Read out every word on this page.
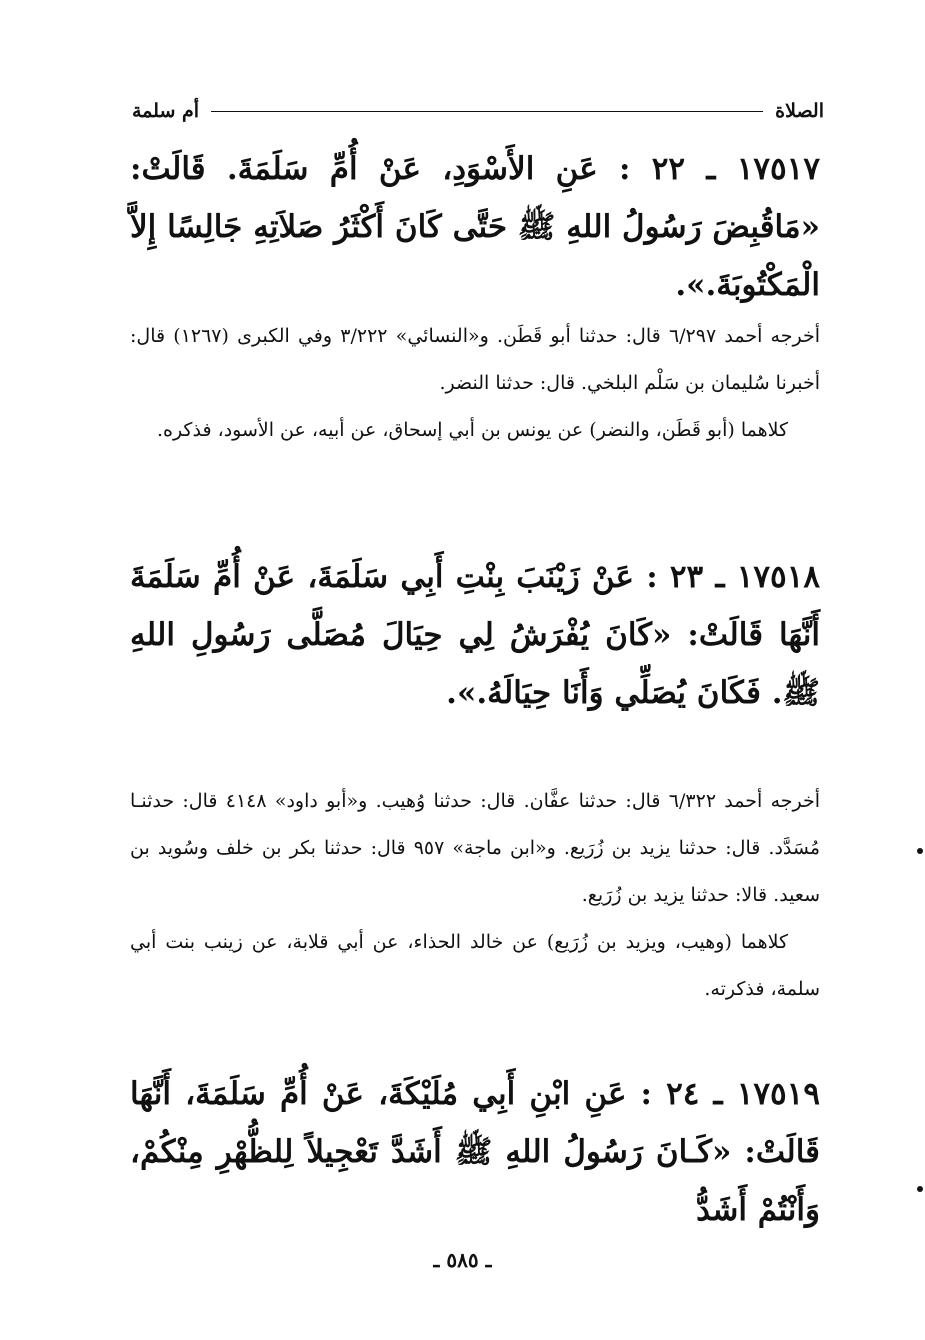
الصلاة
أم سلمة
١٧٥١٧ ـ ٢٢ : عَنِ الأَسْوَدِ، عَنْ أُمِّ سَلَمَةَ. قَالَتْ: «مَاقُبِضَ رَسُولُ اللهِ ﷺ حَتَّى كَانَ أَكْثَرُ صَلاَتِهِ جَالِسًا إِلاَّ الْمَكْتُوبَةَ.».

أخرجه أحمد ٦/٢٩٧ قال: حدثنا أبو قَطَن. و«النسائي» ٣/٢٢٢ وفي الكبرى (١٢٦٧) قال: أخبرنا سُليمان بن سَلْم البلخي. قال: حدثنا النضر.

كلاهما (أبو قَطَن، والنضر) عن يونس بن أبي إسحاق، عن أبيه، عن الأسود، فذكره.

١٧٥١٨ ـ ٢٣ : عَنْ زَيْنَبَ بِنْتِ أَبِي سَلَمَةَ، عَنْ أُمِّ سَلَمَةَ أَنَّهَا قَالَتْ: «كَانَ يُفْرَشُ لِي حِيَالَ مُصَلَّى رَسُولِ اللهِ ﷺ. فَكَانَ يُصَلِّي وَأَنَا حِيَالَهُ.».

أخرجه أحمد ٦/٣٢٢ قال: حدثنا عفَّان. قال: حدثنا وُهيب. و«أبو داود» ٤١٤٨ قال: حدثنـا مُسَدَّد. قال: حدثنا يزيد بن زُرَيع. و«ابن ماجة» ٩٥٧ قال: حدثنا بكر بن خلف وسُويد بن سعيد. قالا: حدثنا يزيد بن زُرَيع.

كلاهما (وهيب، ويزيد بن زُرَيع) عن خالد الحذاء، عن أبي قلابة، عن زينب بنت أبي سلمة، فذكرته.

١٧٥١٩ ـ ٢٤ : عَنِ ابْنِ أَبِي مُلَيْكَةَ، عَنْ أُمِّ سَلَمَةَ، أَنَّهَا قَالَتْ: «كَـانَ رَسُولُ اللهِ ﷺ أَشَدَّ تَعْجِيلاً لِلظُّهْرِ مِنْكُمْ، وَأَنْتُمْ أَشَدُّ
ـ ٥٨٥ ـ
